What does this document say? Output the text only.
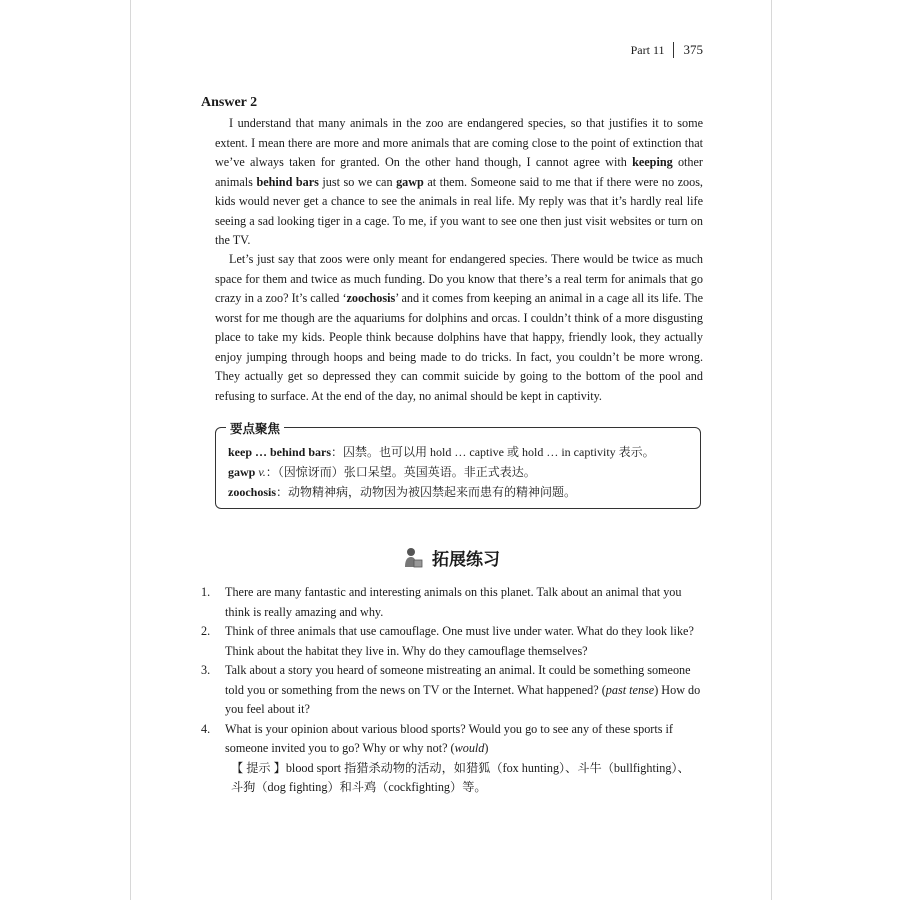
Part 11 375
Answer 2

I understand that many animals in the zoo are endangered species, so that justifies it to some extent. I mean there are more and more animals that are coming close to the point of extinction that we’ve always taken for granted. On the other hand though, I cannot agree with keeping other animals behind bars just so we can gawp at them. Someone said to me that if there were no zoos, kids would never get a chance to see the animals in real life. My reply was that it’s hardly real life seeing a sad looking tiger in a cage. To me, if you want to see one then just visit websites or turn on the TV.

Let’s just say that zoos were only meant for endangered species. There would be twice as much space for them and twice as much funding. Do you know that there’s a real term for animals that go crazy in a zoo? It’s called ‘zoochosis’ and it comes from keeping an animal in a cage all its life. The worst for me though are the aquariums for dolphins and orcas. I couldn’t think of a more disgusting place to take my kids. People think because dolphins have that happy, friendly look, they actually enjoy jumping through hoops and being made to do tricks. In fact, you couldn’t be more wrong. They actually get so depressed they can commit suicide by going to the bottom of the pool and refusing to surface. At the end of the day, no animal should be kept in captivity.

要点聚焦
keep … behind bars：囚禁。也可以用 hold … captive 或 hold … in captivity 表示。
gawp v.：（因惊讶而）张口呆望。英国英语。非正式表达。
zoochosis：动物精神病，动物因为被囚禁起来而患有的精神问题。
拓展练习
1.	There are many fantastic and interesting animals on this planet. Talk about an animal that you think is really amazing and why.
2.	Think of three animals that use camouflage. One must live under water. What do they look like? Think about the habitat they live in. Why do they camouflage themselves?
3.	Talk about a story you heard of someone mistreating an animal. It could be something someone told you or something from the news on TV or the Internet. What happened? (past tense) How do you feel about it?
4.	What is your opinion about various blood sports? Would you go to see any of these sports if someone invited you to go? Why or why not? (would)
【 提示 】blood sport 指猎杀动物的活动，如猎狐（fox hunting）、斗牛（bullfighting）、斗狗（dog fighting）和斗鸡（cockfighting）等。
